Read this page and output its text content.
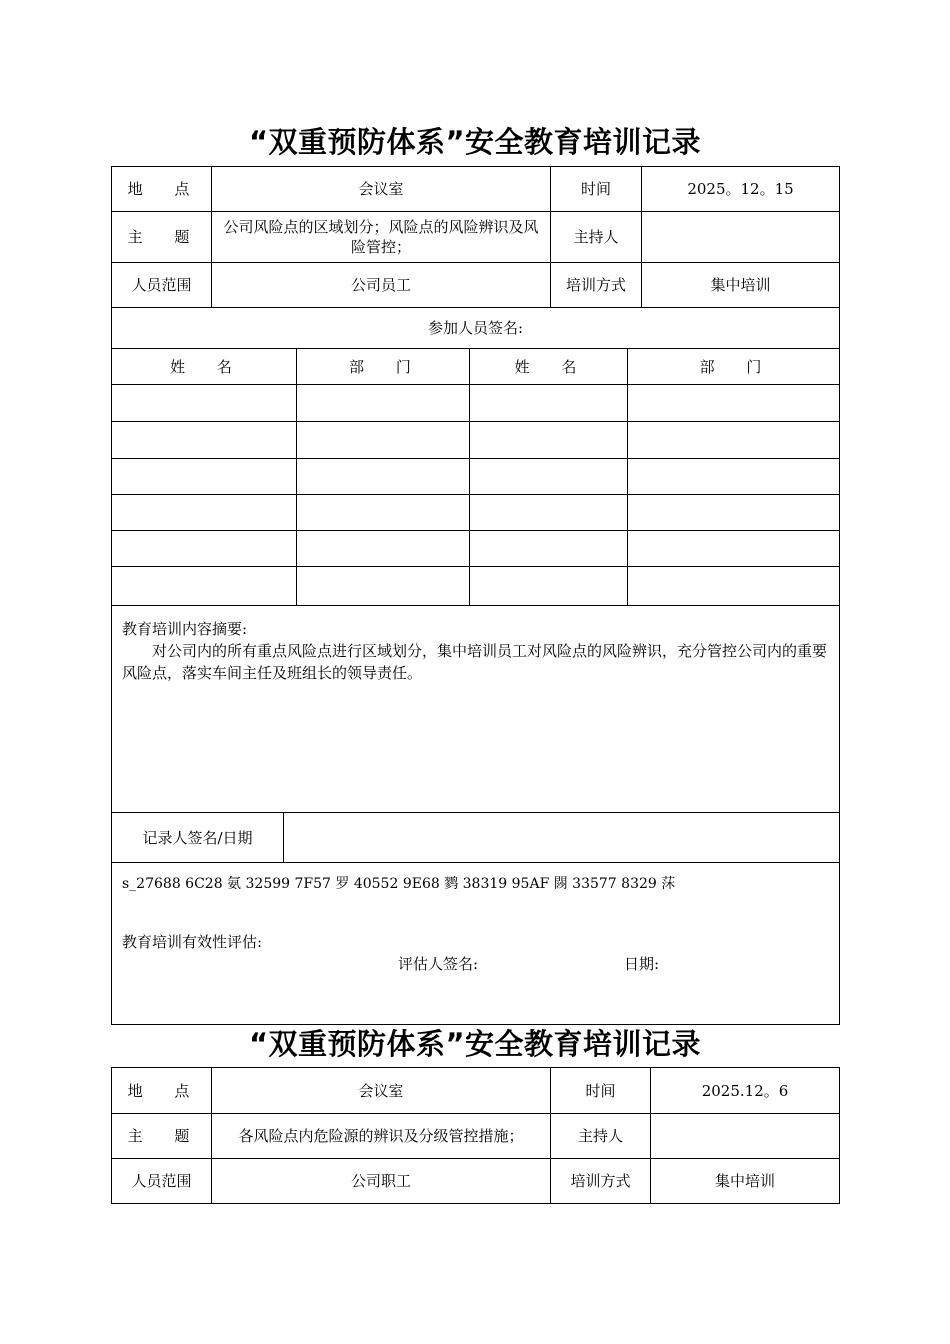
“双重预防体系”安全教育培训记录
地 点	会议室	时间	2025。12。15
主 题	公司风险点的区域划分；风险点的风险辨识及风险管控；	主持人	
人员范围	公司员工	培训方式	集中培训
参加人员签名:			
姓 名	部 门	姓 名	部 门

教育培训内容摘要:
对公司内的所有重点风险点进行区域划分，集中培训员工对风险点的风险辨识，充分管控公司内的重要风险点，落实车间主任及班组长的领导责任。

记录人签名/日期	

s_27688 6C28 氨 32599 7F57 罗 40552 9E68 鹨 38319 95AF 閯 33577 8329 莯
教育培训有效性评估:
评估人签名:	日期:
“双重预防体系”安全教育培训记录
地 点	会议室	时间	2025.12。6
主 题	各风险点内危险源的辨识及分级管控措施；	主持人	
人员范围	公司职工	培训方式	集中培训
